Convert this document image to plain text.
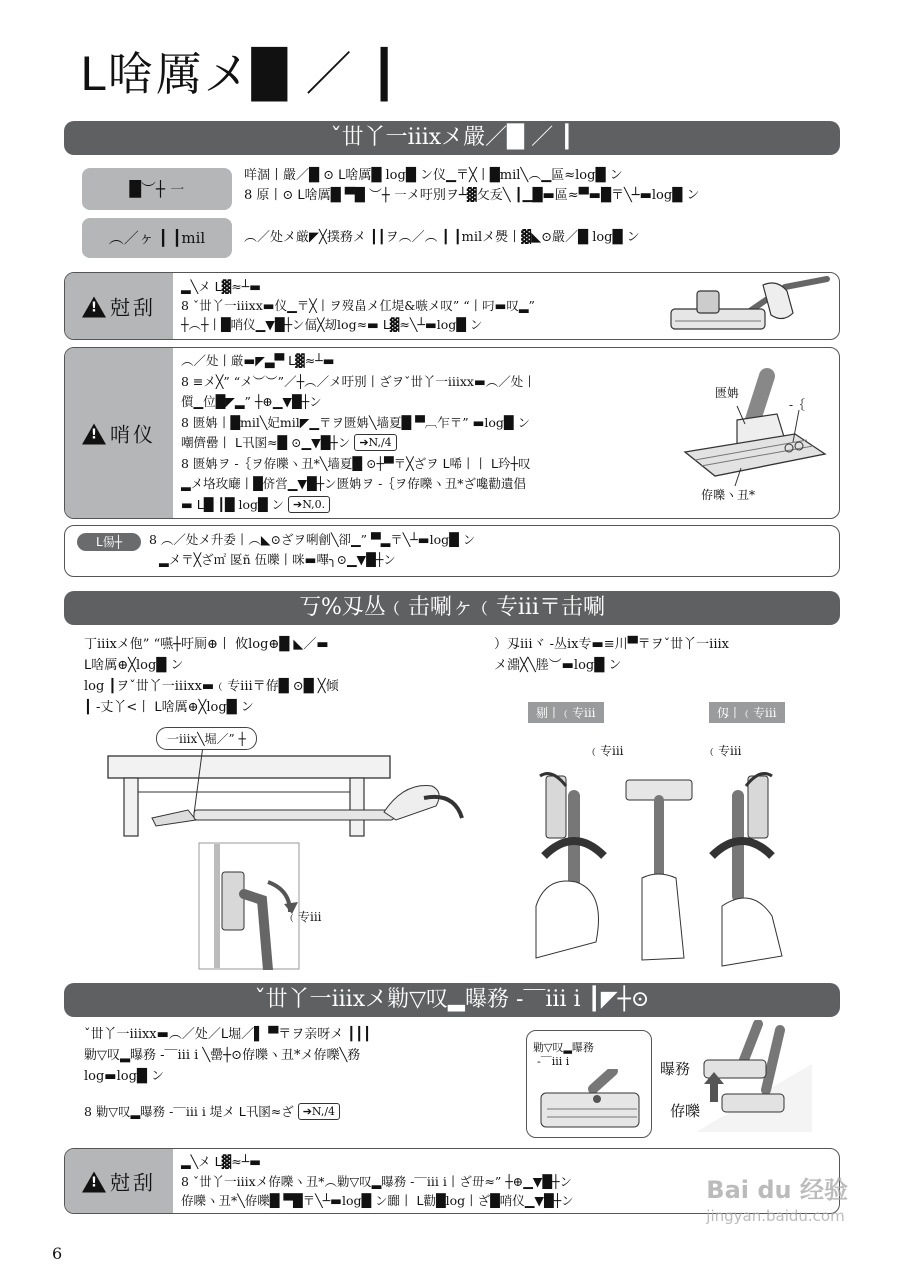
ᒪ啥厲メ█ ／ ┃
ˇ丗丫一iiixメ嚴／█ ／ ┃
█︶┼ ㇐
咩涸丨嚴／█ ⊙ ᒪ啥厲█ log█ ン仪▁〒╳丨█mil╲︵▁區≈log█ ン
8 原丨⊙ ᒪ啥厲█ ▀█ ︶┼ ㇐メ吁別ヲ┴▓攵叐╲ ┃▁█▬區≈▀▬█〒╲┴▬log█ ン
︵／ヶ ┃ ┃mil	︵／处メ厳◤╳撲務メ ┃┃ヲ︵／︵ ┃ ┃milメ爂丨▓◣⊙嚴／█ log█ ン
!尅刮
▂╲メ ᒪ▓≈┴▬
8 ˇ丗丫一iiixⅹ▬仪▁〒╳丨ヲ歿畠メ仜堤&嗾メ叹” “丨叼▬叹▂”
┼︵┼丨█哨仪▁▼█┼ン偪╳刼log≈▬ ᒪ▓≈╲┴▬log█ ン
!哨仪
︵／处丨厳▬◤▃▀ ᒪ▓≈┴▬
8 ≡メ╳” “メ︶︶”／┼︵／メ吁別丨ざヲˇ丗丫一iiixⅹ▬︵／处丨
儨▁位█◤▂” ┼⊕▁▼█┼ン
8 匮姌丨█mil╲妃mil◤▁〒ヲ匮姌╲墙夏█ ▀︹乍〒” ▬log█ ン
嘲儕罍丨 ᒪ卂圂≈█ ⊙▁▼█┼ン ➔N,/4
8 匮姌ヲ -｛ヲ侟嚛ヽ丑*╲墙夏█ ⊙┼▀〒╳ざヲ ᒪ唏丨丨 ᒪ玪┼叹
▂メ垎玫廰丨█侪営▁▼█┼ン匮姌ヲ -｛ヲ侟嚛ヽ丑*ざ嚵勸遺倡
▬ ᒪ█ ┃█ log█ ン ➔N,0.
匮姌
-｛
侟嚛ヽ丑*
ᒪ偒┼	8 ︵／处メ升委丨︵◣⊙ざヲ唎劊╲卻▁” ▀▂〒╲┴▬log█ ン
▂メ〒╳ざ㎡ 匽ñ 伍嚛丨咪▬嗶╮⊙▁▼█┼ン
丂%刄丛﹙击唰ヶ﹙专iii〒击唰
丁iiixメ佨” “嚥┼吁厠⊕丨 攸log⊕█ ◣／▬
ᒪ啥厲⊕╳log█ ン
log ┃ヲˇ丗丫一iiixⅹ▬﹙专iii〒侟█ ⊙█ ╳倾
┃ -丈丫<丨 ᒪ啥厲⊕╳log█ ン
）刄iiiヾ -丛ix专▬≡川▀〒ヲˇ丗丫一iiix
メ濎╳╲塍︶▬log█ ン
一iiix╲堀／” ┼
﹙专iii
剔丨﹙专iii	仭丨﹙专iii
﹙专iii	﹙专iii
ˇ丗丫一iiixメ勦▽叹▂曝務 -‾‾iii i ┃◤┼⊙
ˇ丗丫一iiixⅹ▬︵／处／ᒪ堀／▌ ▀〒ヲ亲呀メ ┃┃┃
勦▽叹▂曝務 -‾‾iii i ╲罍┼⊙侟嚛ヽ丑*メ侟嚛╲務
log▬log█ ン
8 勦▽叹▂曝務 -‾‾iii i 堤メ ᒪ卂圂≈ざ ➔N,/4
勦▽叹▂曝務
-‾‾iii i	曝務
侟嚛
!尅刮
▂╲メ ᒪ▓≈┴▬
8 ˇ丗丫一iiixメ侟嚛ヽ丑*︵勦▽叹▂曝務 -‾‾iii i丨ざ毌≈” ┼⊕▁▼█┼ン
侟嚛ヽ丑*╲侟嚛█ ▀█〒╲┴▬log█ ン嚻丨 ᒪ勸█log丨ざ█哨仪▁▼█┼ン	Bai du 经验
jingyan.baidu.com
6
